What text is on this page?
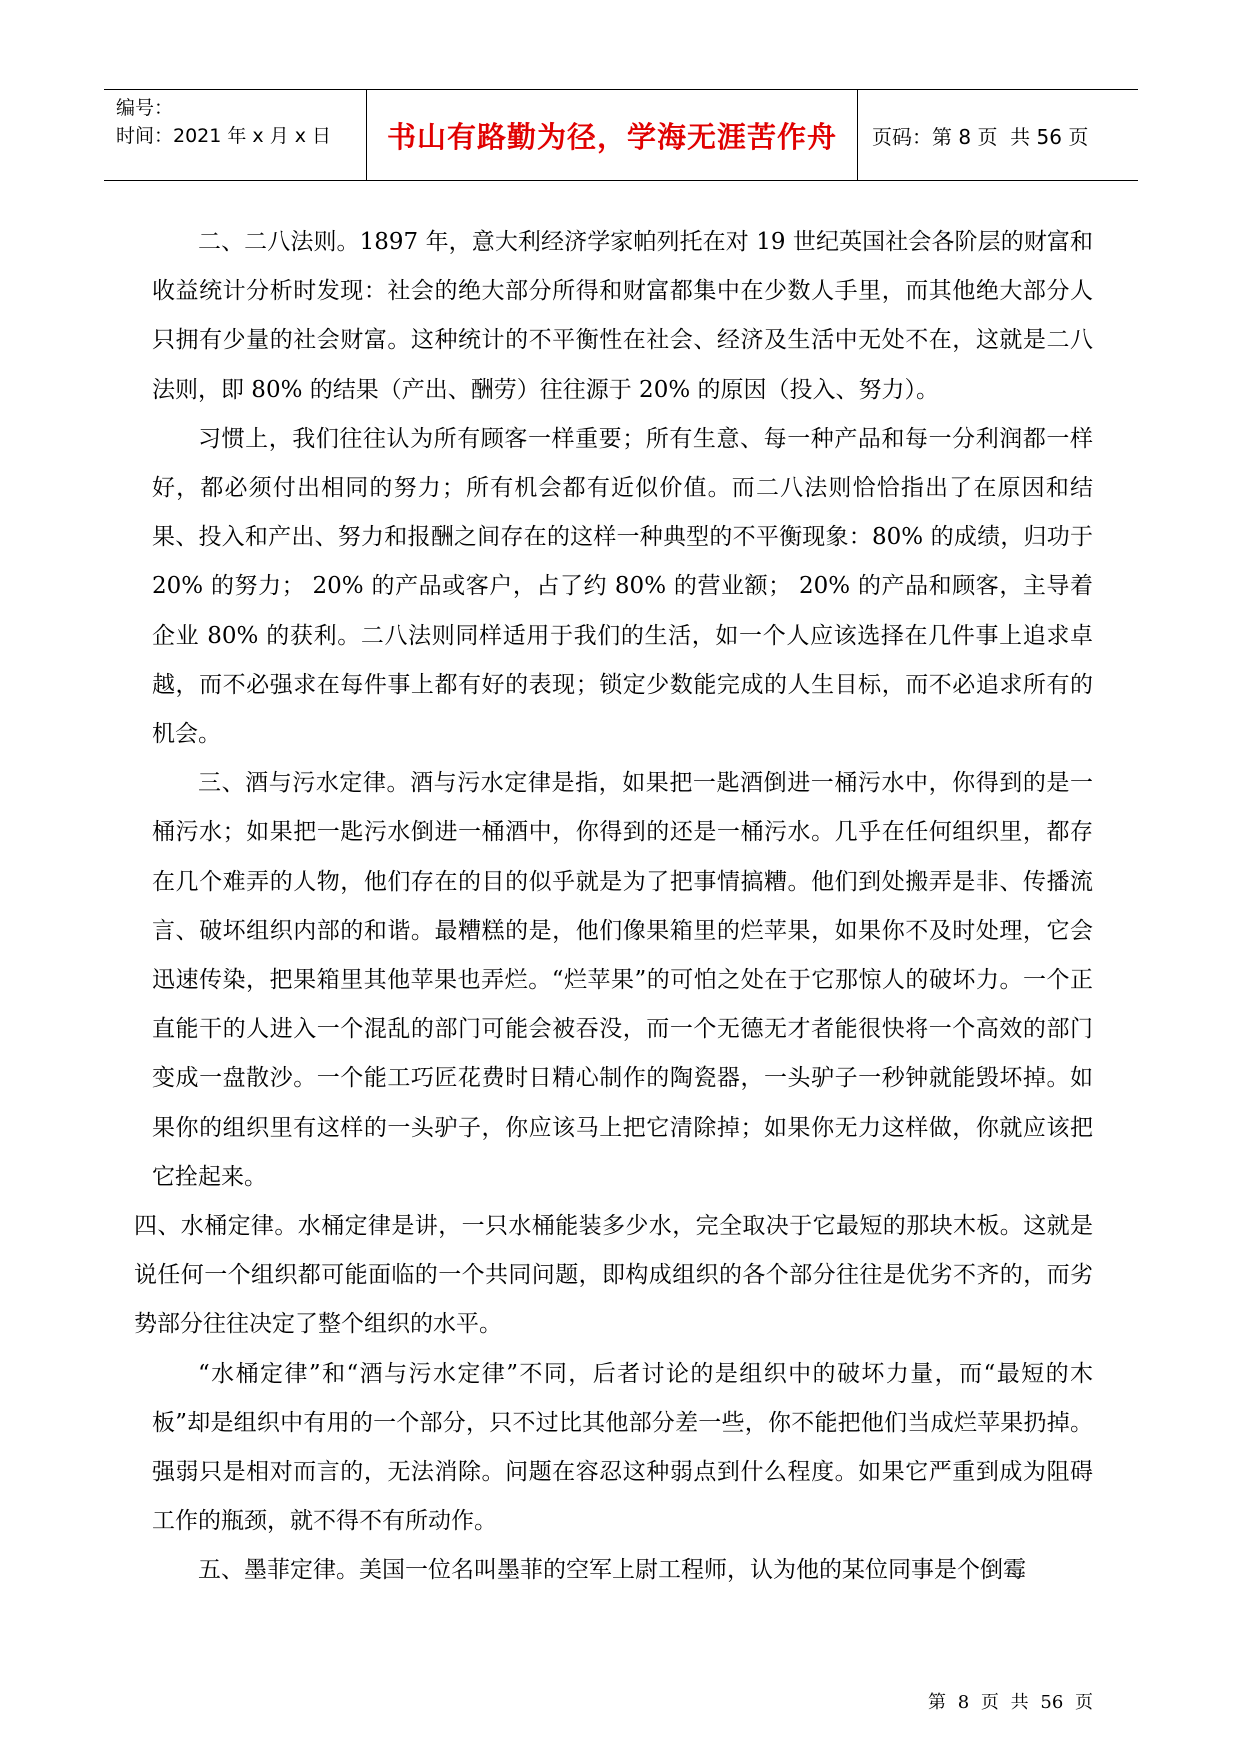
编号：
时间：2021 年 x 月 x 日	书山有路勤为径，学海无涯苦作舟 页码：第 8 页  共 56 页

二、二八法则。1897 年，意大利经济学家帕列托在对 19 世纪英国社会各阶层的财富和收益统计分析时发现：社会的绝大部分所得和财富都集中在少数人手里，而其他绝大部分人只拥有少量的社会财富。这种统计的不平衡性在社会、经济及生活中无处不在，这就是二八法则，即 80% 的结果（产出、酬劳）往往源于 20% 的原因（投入、努力）。

习惯上，我们往往认为所有顾客一样重要；所有生意、每一种产品和每一分利润都一样好，都必须付出相同的努力；所有机会都有近似价值。而二八法则恰恰指出了在原因和结果、投入和产出、努力和报酬之间存在的这样一种典型的不平衡现象：80% 的成绩，归功于 20% 的努力； 20% 的产品或客户，占了约 80% 的营业额； 20% 的产品和顾客，主导着企业 80% 的获利。二八法则同样适用于我们的生活，如一个人应该选择在几件事上追求卓越，而不必强求在每件事上都有好的表现；锁定少数能完成的人生目标，而不必追求所有的机会。

三、酒与污水定律。酒与污水定律是指，如果把一匙酒倒进一桶污水中，你得到的是一桶污水；如果把一匙污水倒进一桶酒中，你得到的还是一桶污水。几乎在任何组织里，都存在几个难弄的人物，他们存在的目的似乎就是为了把事情搞糟。他们到处搬弄是非、传播流言、破坏组织内部的和谐。最糟糕的是，他们像果箱里的烂苹果，如果你不及时处理，它会迅速传染，把果箱里其他苹果也弄烂。“烂苹果”的可怕之处在于它那惊人的破坏力。一个正直能干的人进入一个混乱的部门可能会被吞没，而一个无德无才者能很快将一个高效的部门变成一盘散沙。一个能工巧匠花费时日精心制作的陶瓷器，一头驴子一秒钟就能毁坏掉。如果你的组织里有这样的一头驴子，你应该马上把它清除掉；如果你无力这样做，你就应该把它拴起来。

四、水桶定律。水桶定律是讲，一只水桶能装多少水，完全取决于它最短的那块木板。这就是说任何一个组织都可能面临的一个共同问题，即构成组织的各个部分往往是优劣不齐的，而劣势部分往往决定了整个组织的水平。

“水桶定律”和“酒与污水定律”不同，后者讨论的是组织中的破坏力量，而“最短的木板”却是组织中有用的一个部分，只不过比其他部分差一些，你不能把他们当成烂苹果扔掉。强弱只是相对而言的，无法消除。问题在容忍这种弱点到什么程度。如果它严重到成为阻碍工作的瓶颈，就不得不有所动作。

五、墨菲定律。美国一位名叫墨菲的空军上尉工程师，认为他的某位同事是个倒霉

第 8 页 共 56 页
